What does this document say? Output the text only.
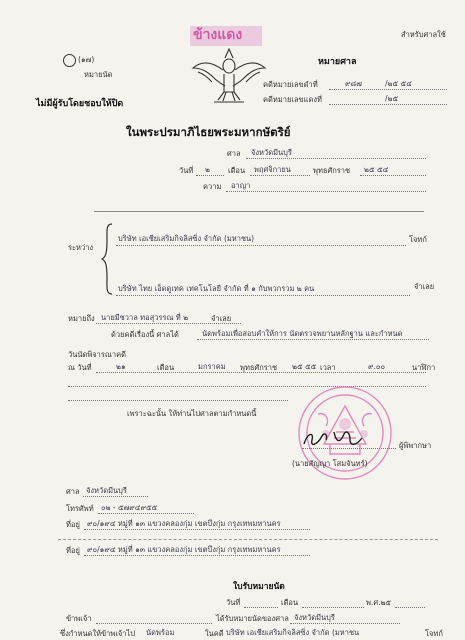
สำหรับศาลใช้
ข้างแดง
(๑๗)
หมายนัด
หมายศาล
คดีหมายเลขดำที่	๙๘๗	/๒๕ ๕๔
คดีหมายเลขแดงที่	/๒๕
ไม่มีผู้รับโดยชอบให้ปิด
ในพระปรมาภิไธยพระมหากษัตริย์
ศาล จังหวัดมีนบุรี
วันที่ ๒ เดือน พฤศจิกายน	พุทธศักราช ๒๕ ๕๔
ความ อาญา
ระหว่าง
บริษัท เอเชียเสริมกิจลิสซิ่ง จำกัด (มหาชน)	โจทก์
บริษัท ไทย เอ็ดดูเทค เทคโนโลยี จำกัด ที่ ๑ กับพวกรวม ๒ คน	จำเลย
หมายถึง นายมีชวาล ทอสุวรรณ ที่ ๒	จำเลย
ด้วยคดีเรื่องนี้ ศาลได้	นัดพร้อมเพื่อสอบคำให้การ นัดตรวจพยานหลักฐาน และกำหนด
วันนัดพิจารณาคดี
ณ วันที่	๒๑	เดือน	มกราคม พุทธศักราช ๒๕ ๕๕ เวลา	๙.๐๐	นาฬิกา
เพราะฉะนั้น ให้ท่านไปศาลตามกำหนดนี้
ผู้พิพากษา
(นายสัญญา โสมจันทร์)
ศาล จังหวัดมีนบุรี
โทรศัพท์ ๐๒ - ๕๗๙๔๙๕๕
ที่อยู่ ๙๐/๑๙๔ หมู่ที่ ๑๓ แขวงคลองกุ่ม เขตบึงกุ่ม กรุงเทพมหานคร
ที่อยู่ ๙๐/๑๙๔ หมู่ที่ ๑๓ แขวงคลองกุ่ม เขตบึงกุ่ม กรุงเทพมหานคร
ใบรับหมายนัด
วันที่	เดือน	พ.ศ.๒๕
ข้าพเจ้า	ได้รับหมายนัดของศาล จังหวัดมีนบุรี
ซึ่งกำหนดให้ข้าพเจ้าไป นัดพร้อม	ในคดี บริษัท เอเชียเสริมกิจลิสซิ่ง จำกัด (มหาชน	โจทก์
